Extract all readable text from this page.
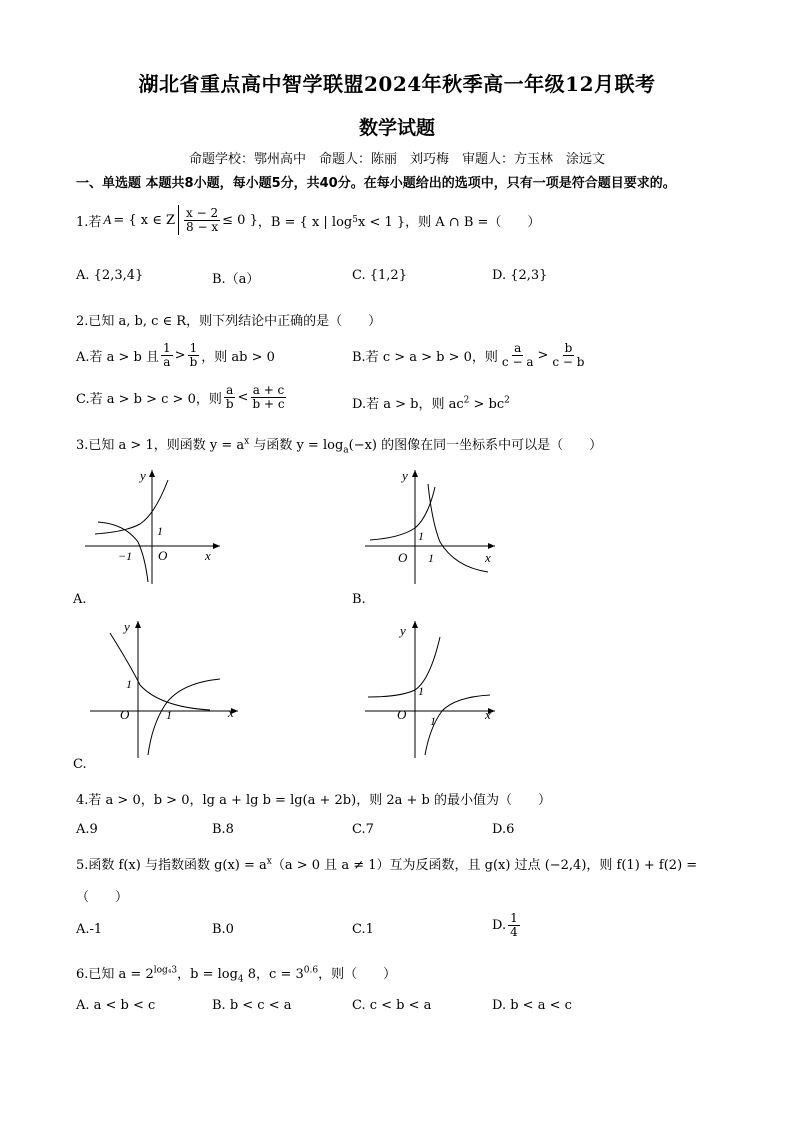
湖北省重点高中智学联盟2024年秋季高一年级12月联考
数学试题
命题学校：鄂州高中　命题人：陈丽　刘巧梅　审题人：方玉林　涂远文
一、单选题 本题共8小题，每小题5分，共40分。在每小题给出的选项中，只有一项是符合题目要求的。
1.若 A = { x ∈ Z $\frac{x - 2}{8 - x} \le 0$ } ，B = { x | log 5 x < 1 }，则 A ∩ B =（　　）
A. {2,3,4}	B.（a）	C. {1,2}	D. {2,3}
2.已知 a, b, c ∈ R，则下列结论中正确的是（　　）
A.若 a > b 且 $\frac{1}{a} > \frac{1}{b}$ ，则 ab > 0	B.若 c > a > b > 0，则 $\frac{a}{c - a} > \frac{b}{c - b}$
C.若 a > b > c > 0，则 $\frac{a}{b} < \frac{a + c}{b + c}$	D.若 a > b，则 $ac^2 > bc^2$
3.已知 a > 1，则函数 $y = a^x$ 与函数 $y = \log_a(-x)$ 的图像在同一坐标系中可以是（　　）
y
x
O
1
−1
A.
y
x
O
1
1
B.
y
x
O
1
1
C.
y
x
O
1
1
4.若 a > 0，b > 0，lg a + lg b = lg(a + 2b)，则 2a + b 的最小值为（　　）
A.9	B.8	C.7	D.6
5.函数 f(x) 与指数函数 $g(x) = a^x(a > 0$ 且 a ≠ 1）互为反函数，且 g(x) 过点 (−2,4)，则 f(1) + f(2) =
（　　）
A.-1	B.0	C.1	D. $\frac{1}{4}$
6.已知 $a = 2^{log_43}$，$b = \log_4 8$，$c = 3^{0.6}$，则（　　）
A. a < b < c	B. b < c < a	C. c < b < a	D. b < a < c
